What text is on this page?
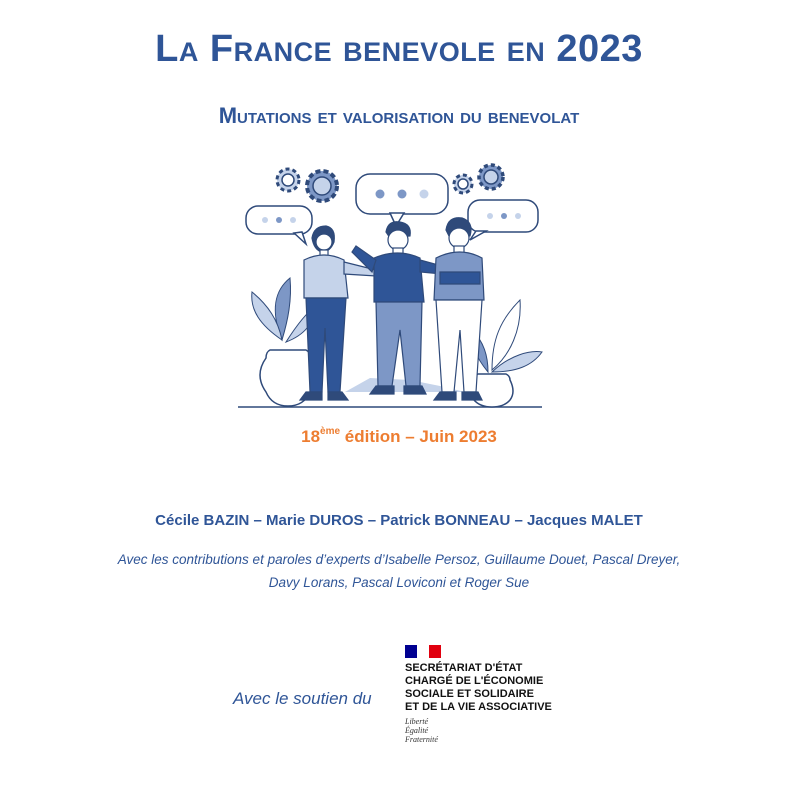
La France benevole en 2023
Mutations et valorisation du benevolat
18ème édition – Juin 2023
Cécile BAZIN – Marie DUROS – Patrick BONNEAU – Jacques MALET
Avec les contributions et paroles d’experts d’Isabelle Persoz, Guillaume Douet, Pascal Dreyer,
Davy Lorans, Pascal Loviconi et Roger Sue
Avec le soutien du
SECRÉTARIAT D'ÉTAT
CHARGÉ DE L'ÉCONOMIE
SOCIALE ET SOLIDAIRE
ET DE LA VIE ASSOCIATIVE
Liberté
Égalité
Fraternité
